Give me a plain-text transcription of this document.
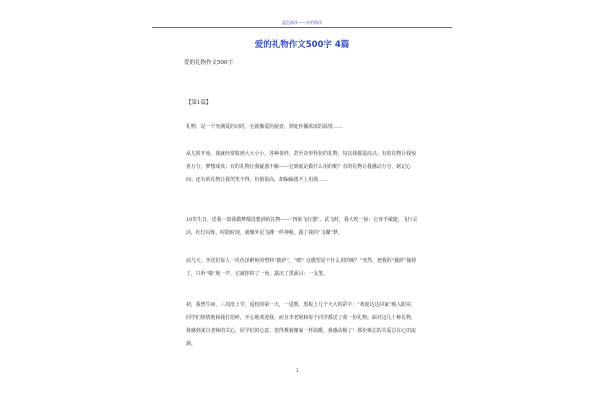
蓝色海洋——专的海洋
爱的礼物作文500字 4篇
爱的礼物作文500字
【第1篇】
礼物，是一个充满爱的词语，它就像爱的使者，到处传播浓浓的温情……
从儿时开始，我就经常收到大大小小、各种各样、甚至奇形怪状的礼物，每次我都很高兴；有的礼物让我惊喜万分，梦想成真；有的礼物让我疑惑不解——它到底是做什么用的呢？有的礼物让我感动万分，铭记心间；还有的礼物让我哭笑不得，价值很高，却偏偏派不上用场……
10岁生日，送我一款我做梦都没想到的礼物——“四驱飞行器”。试飞时，我大吃一惊：它身手敏捷，飞行灵活，红灯闪烁，时隐时现，就像外星飞碟一样神秘，圆了我的“飞碟”梦。
前几天，李送们每人一块色泽鲜艳的塑料“披萨”，“嗯？这模型是干什么用的呢？”突然，把我的“披萨”撞掉了，只听“啪”地一声，它被摔掉了一角，露出了黑面目：一支笔。
初，我曾生病，三周没上学。返校的第一天，一进教，黑板上几个大大的彩字：“欢迎达达回家”映入眼帘，同学们热情地和我打招呼，开心地欢迎我，而且李老班和每个同学都送了我一份礼物。面对这几十种礼物，我感到来自老师的关心，同学们的心意，觉得教就像家一样温暖，我感动极了！那份难忘的关爱总在心田流淌。
1
